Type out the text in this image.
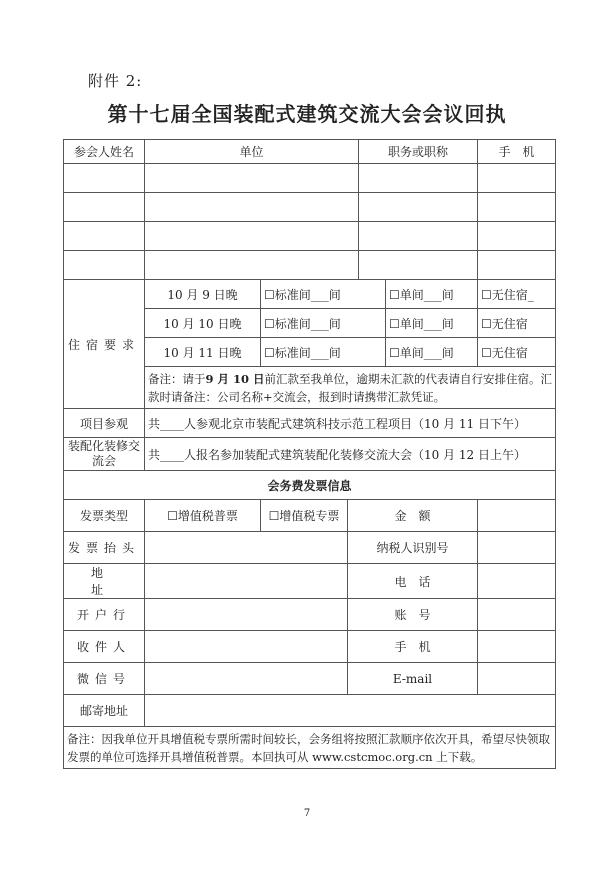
附件 2:
第十七届全国装配式建筑交流大会会议回执
参会人姓名	单位			职务或职称		手　机

住宿要求	10 月 9 日晚	☐标准间___间			☐单间___间	☐无住宿_
	10 月 10 日晚	☐标准间___间			☐单间___间	☐无住宿
	10 月 11 日晚	☐标准间___间			☐单间___间	☐无住宿
	备注：请于9 月 10 日前汇款至我单位，逾期未汇款的代表请自行安排住宿。汇款时请备注：公司名称+交流会，报到时请携带汇款凭证。					
项目参观	共____人参观北京市装配式建筑科技示范工程项目（10 月 11 日下午）					
装配化装修交流会	共____人报名参加装配式建筑装配化装修交流大会（10 月 12 日上午）					
会务费发票信息						
发票类型	☐增值税普票	☐增值税专票	金　额			
发票抬头			纳税人识别号			
地　址			电　话			
开户行			账　号			
收件人			手　机			
微信号			E-mail			
邮寄地址						
备注：因我单位开具增值税专票所需时间较长，会务组将按照汇款顺序依次开具，希望尽快领取发票的单位可选择开具增值税普票。本回执可从 www.cstcmoc.org.cn 上下载。						
7
